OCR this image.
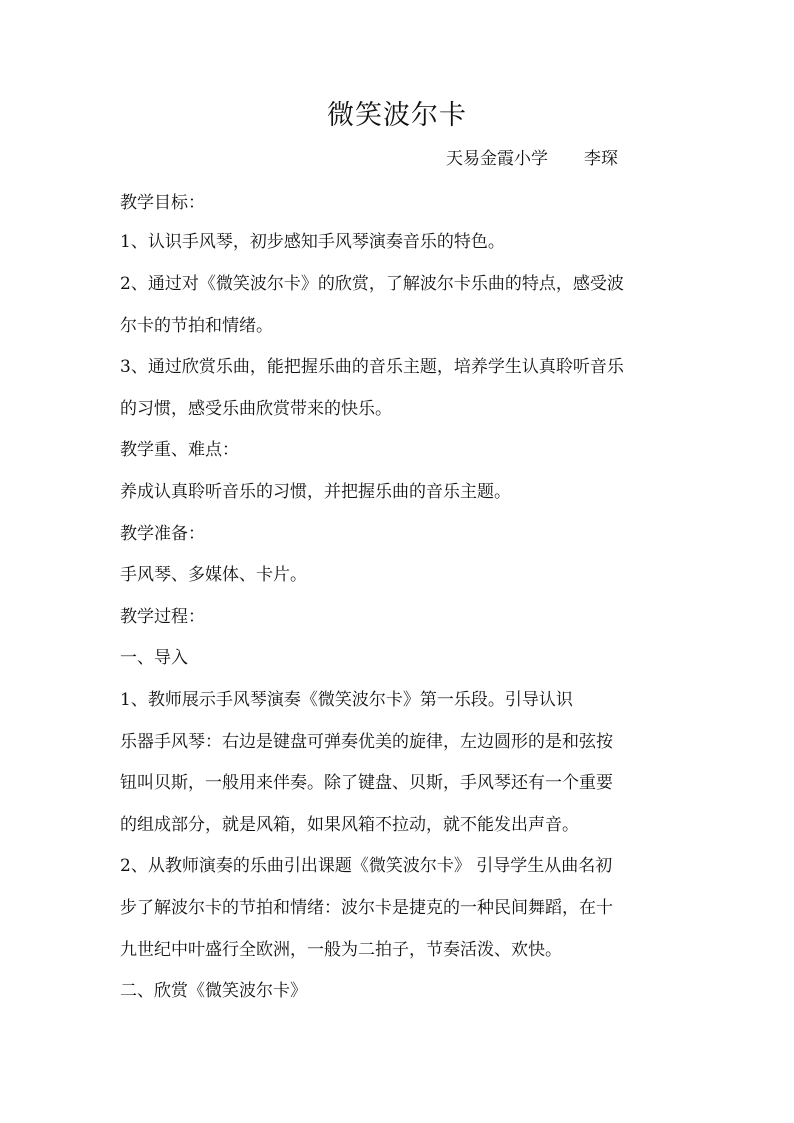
微笑波尔卡
天易金霞小学 李琛
教学目标：
1、认识手风琴，初步感知手风琴演奏音乐的特色。
2、通过对《微笑波尔卡》的欣赏，了解波尔卡乐曲的特点，感受波
尔卡的节拍和情绪。
3、通过欣赏乐曲，能把握乐曲的音乐主题，培养学生认真聆听音乐
的习惯，感受乐曲欣赏带来的快乐。
教学重、难点：
养成认真聆听音乐的习惯，并把握乐曲的音乐主题。
教学准备：
手风琴、多媒体、卡片。
教学过程：
一、导入
1、教师展示手风琴演奏《微笑波尔卡》第一乐段。引导认识
乐器手风琴：右边是键盘可弹奏优美的旋律，左边圆形的是和弦按
钮叫贝斯，一般用来伴奏。除了键盘、贝斯，手风琴还有一个重要
的组成部分，就是风箱，如果风箱不拉动，就不能发出声音。
2、从教师演奏的乐曲引出课题《微笑波尔卡》 引导学生从曲名初
步了解波尔卡的节拍和情绪：波尔卡是捷克的一种民间舞蹈，在十
九世纪中叶盛行全欧洲，一般为二拍子，节奏活泼、欢快。
二、欣赏《微笑波尔卡》
